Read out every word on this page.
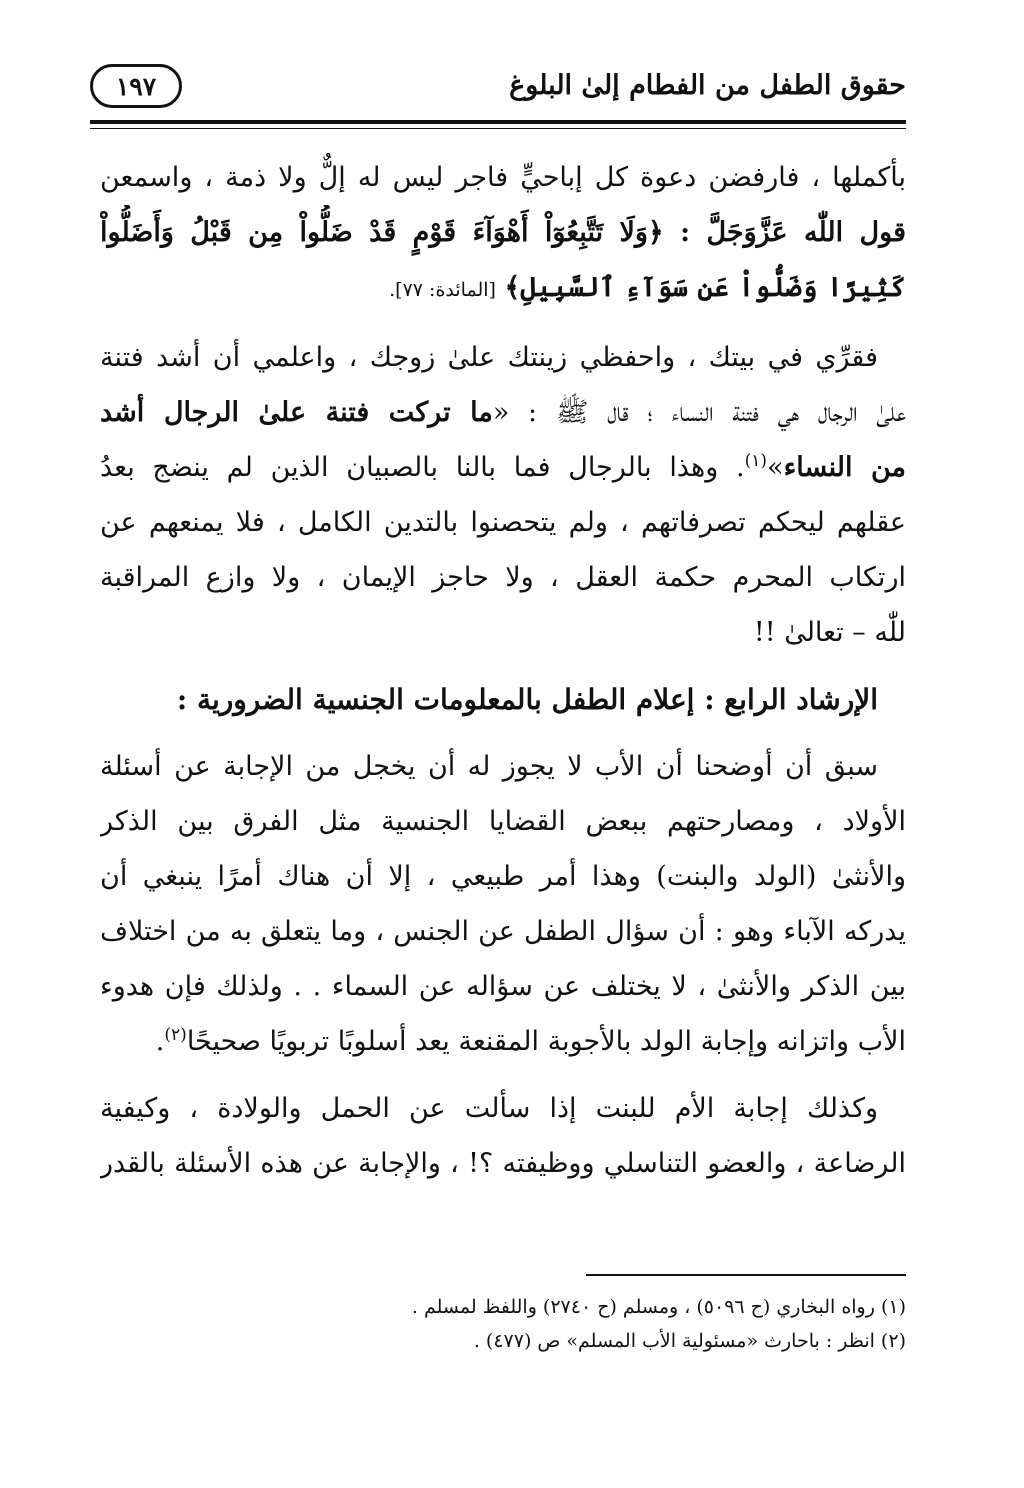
حقوق الطفل من الفطام إلىٰ البلوغ
١٩٧
بأكملها ، فارفضن دعوة كل إباحيٍّ فاجر ليس له إلٌّ ولا ذمة ، واسمعن
قول اللّٰه عَزَّوَجَلَّ : ﴿وَلَا تَتَّبِعُوٓاْ أَهْوَآءَ قَوْمٍ قَدْ ضَلُّواْ مِن قَبْلُ وَأَضَلُّواْ
كَثِيرًا وَضَلُّواْ عَن سَوَآءِ ٱلسَّبِيلِ﴾ [المائدة: ٧٧].
فقرِّي في بيتك ، واحفظي زينتك علىٰ زوجك ، واعلمي أن أشد فتنة
علىٰ الرجال هي فتنة النساء ؛ قال ﷺ : «ما تركت فتنة علىٰ الرجال أشد
من النساء»$^{(١)}$. وهذا بالرجال فما بالنا بالصبيان الذين لم ينضج بعدُ
عقلهم ليحكم تصرفاتهم ، ولم يتحصنوا بالتدين الكامل ، فلا يمنعهم عن
ارتكاب المحرم حكمة العقل ، ولا حاجز الإيمان ، ولا وازع المراقبة
للّٰه – تعالىٰ !!
الإرشاد الرابع : إعلام الطفل بالمعلومات الجنسية الضرورية :
سبق أن أوضحنا أن الأب لا يجوز له أن يخجل من الإجابة عن أسئلة
الأولاد ، ومصارحتهم ببعض القضايا الجنسية مثل الفرق بين الذكر
والأنثىٰ (الولد والبنت) وهذا أمر طبيعي ، إلا أن هناك أمرًا ينبغي أن
يدركه الآباء وهو : أن سؤال الطفل عن الجنس ، وما يتعلق به من اختلاف
بين الذكر والأنثىٰ ، لا يختلف عن سؤاله عن السماء . . ولذلك فإن هدوء
الأب واتزانه وإجابة الولد بالأجوبة المقنعة يعد أسلوبًا تربويًا صحيحًا$^{(٢)}$.
وكذلك إجابة الأم للبنت إذا سألت عن الحمل والولادة ، وكيفية
الرضاعة ، والعضو التناسلي ووظيفته ؟! ، والإجابة عن هذه الأسئلة بالقدر
(١) رواه البخاري (ح ٥٠٩٦) ، ومسلم (ح ٢٧٤٠) واللفظ لمسلم .
(٢) انظر : باحارث «مسئولية الأب المسلم» ص (٤٧٧) .
